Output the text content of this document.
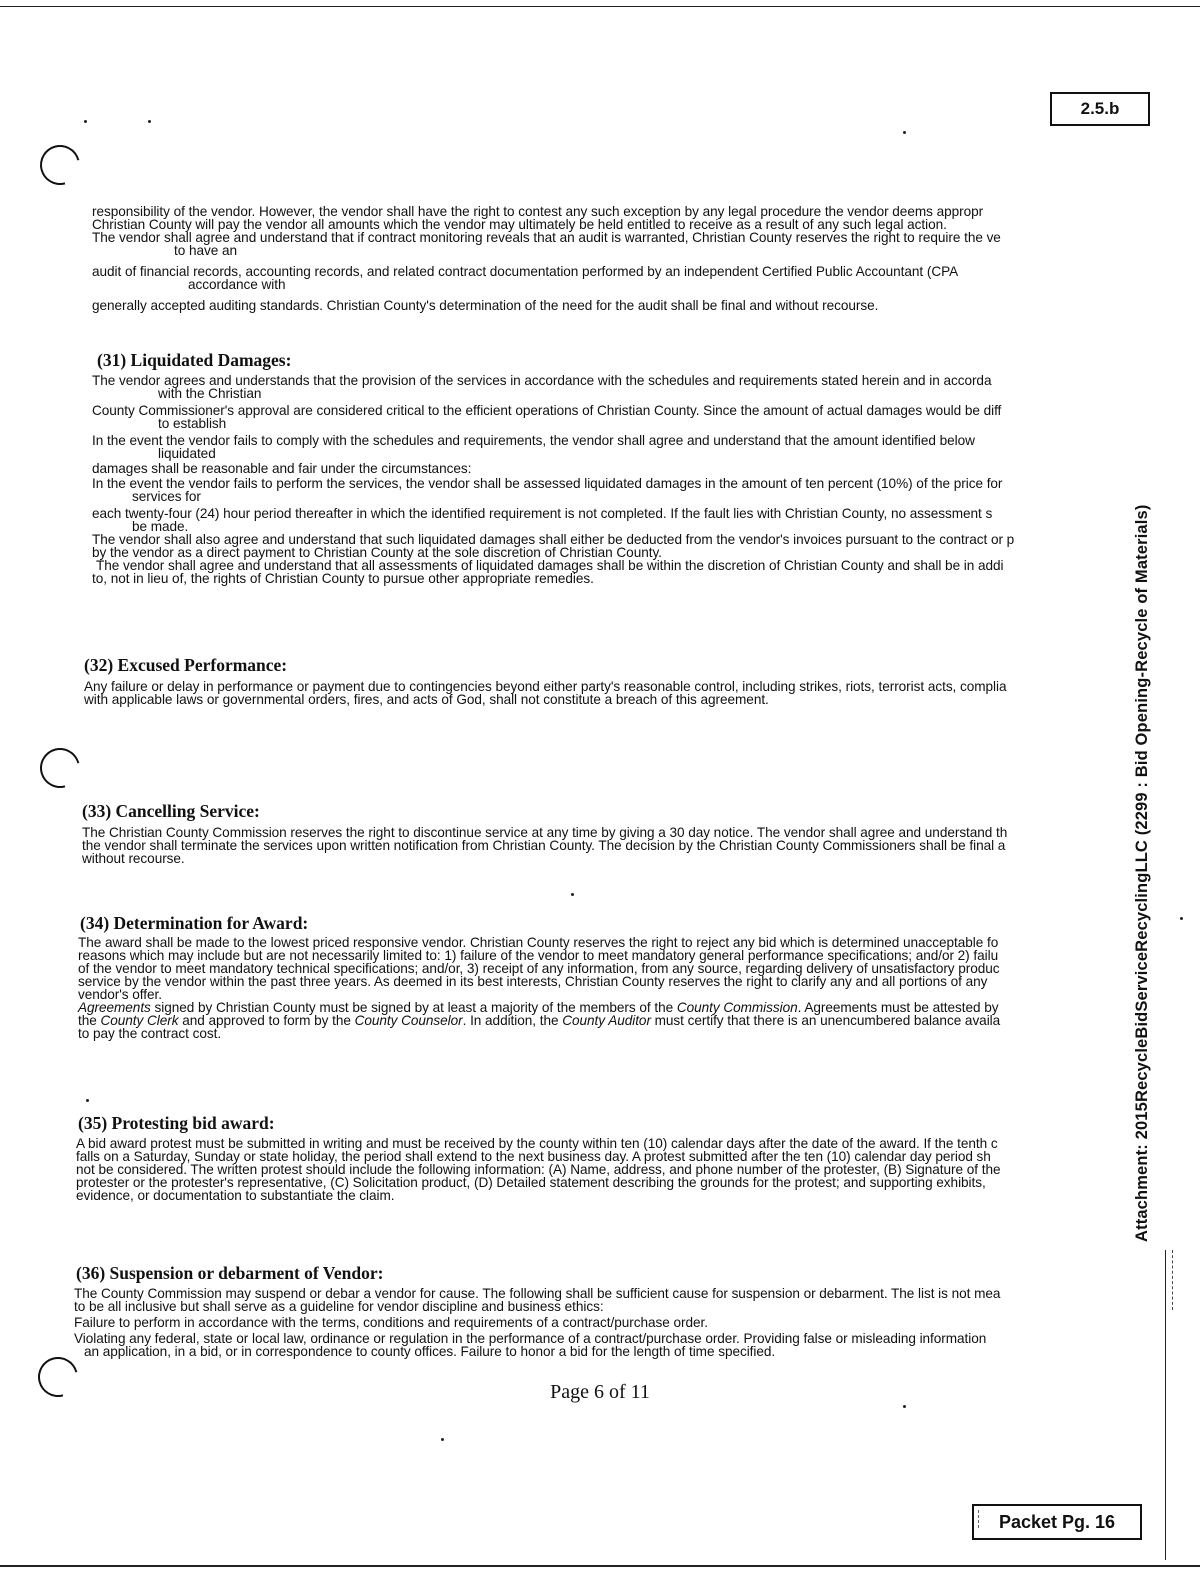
2.5.b
Attachment: 2015RecycleBidServiceRecyclingLLC (2299 : Bid Opening-Recycle of Materials)

responsibility of the vendor. However, the vendor shall have the right to contest any such exception by any legal procedure the vendor deems appropr

Christian County will pay the vendor all amounts which the vendor may ultimately be held entitled to receive as a result of any such legal action.

The vendor shall agree and understand that if contract monitoring reveals that an audit is warranted, Christian County reserves the right to require the ve

to have an

audit of financial records, accounting records, and related contract documentation performed by an independent Certified Public Accountant (CPA

accordance with

generally accepted auditing standards. Christian County's determination of the need for the audit shall be final and without recourse.

(31) Liquidated Damages:

The vendor agrees and understands that the provision of the services in accordance with the schedules and requirements stated herein and in accorda

with the Christian

County Commissioner's approval are considered critical to the efficient operations of Christian County. Since the amount of actual damages would be diff

to establish

In the event the vendor fails to comply with the schedules and requirements, the vendor shall agree and understand that the amount identified below

liquidated

damages shall be reasonable and fair under the circumstances:

In the event the vendor fails to perform the services, the vendor shall be assessed liquidated damages in the amount of ten percent (10%) of the price for

services for

each twenty-four (24) hour period thereafter in which the identified requirement is not completed. If the fault lies with Christian County, no assessment s

be made.

The vendor shall also agree and understand that such liquidated damages shall either be deducted from the vendor's invoices pursuant to the contract or p

by the vendor as a direct payment to Christian County at the sole discretion of Christian County.

The vendor shall agree and understand that all assessments of liquidated damages shall be within the discretion of Christian County and shall be in addi

to, not in lieu of, the rights of Christian County to pursue other appropriate remedies.

(32) Excused Performance:

Any failure or delay in performance or payment due to contingencies beyond either party's reasonable control, including strikes, riots, terrorist acts, complia

with applicable laws or governmental orders, fires, and acts of God, shall not constitute a breach of this agreement.

(33) Cancelling Service:

The Christian County Commission reserves the right to discontinue service at any time by giving a 30 day notice. The vendor shall agree and understand th

the vendor shall terminate the services upon written notification from Christian County. The decision by the Christian County Commissioners shall be final a

without recourse.

(34) Determination for Award:

The award shall be made to the lowest priced responsive vendor. Christian County reserves the right to reject any bid which is determined unacceptable fo

reasons which may include but are not necessarily limited to: 1) failure of the vendor to meet mandatory general performance specifications; and/or 2) failu

of the vendor to meet mandatory technical specifications; and/or, 3) receipt of any information, from any source, regarding delivery of unsatisfactory produc

service by the vendor within the past three years. As deemed in its best interests, Christian County reserves the right to clarify any and all portions of any

vendor's offer.

Agreements signed by Christian County must be signed by at least a majority of the members of the County Commission. Agreements must be attested by

the County Clerk and approved to form by the County Counselor. In addition, the County Auditor must certify that there is an unencumbered balance availa

to pay the contract cost.

(35) Protesting bid award:

A bid award protest must be submitted in writing and must be received by the county within ten (10) calendar days after the date of the award. If the tenth c

falls on a Saturday, Sunday or state holiday, the period shall extend to the next business day. A protest submitted after the ten (10) calendar day period sh

not be considered. The written protest should include the following information: (A) Name, address, and phone number of the protester, (B) Signature of the

protester or the protester's representative, (C) Solicitation product, (D) Detailed statement describing the grounds for the protest; and supporting exhibits,

evidence, or documentation to substantiate the claim.

(36) Suspension or debarment of Vendor:

The County Commission may suspend or debar a vendor for cause. The following shall be sufficient cause for suspension or debarment. The list is not mea

to be all inclusive but shall serve as a guideline for vendor discipline and business ethics:

Failure to perform in accordance with the terms, conditions and requirements of a contract/purchase order.

Violating any federal, state or local law, ordinance or regulation in the performance of a contract/purchase order. Providing false or misleading information

an application, in a bid, or in correspondence to county offices. Failure to honor a bid for the length of time specified.

Page 6 of 11
Packet Pg. 16
